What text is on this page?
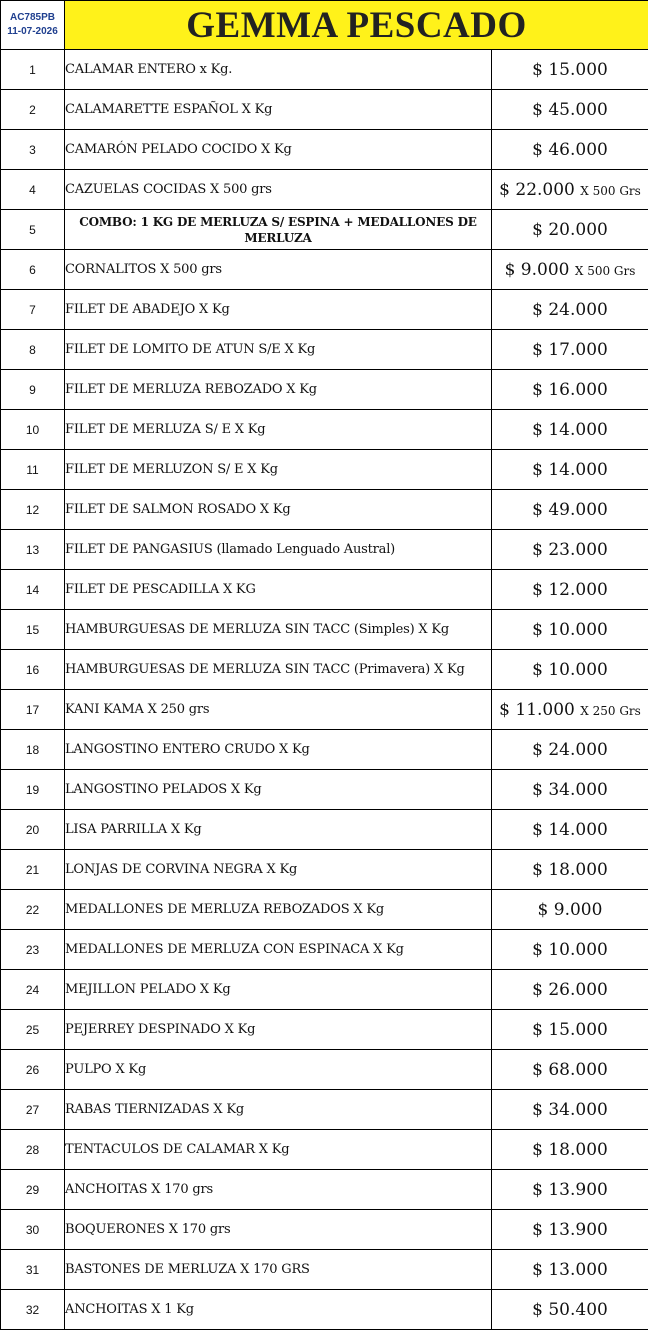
AC785PB
11-07-2026	GEMMA PESCADO	
1	CALAMAR ENTERO x Kg.	$ 15.000
2	CALAMARETTE ESPAÑOL X Kg	$ 45.000
3	CAMARÓN PELADO COCIDO X Kg	$ 46.000
4	CAZUELAS COCIDAS X 500 grs	$ 22.000 X 500 Grs
5	COMBO: 1 KG DE MERLUZA S/ ESPINA + MEDALLONES DE MERLUZA	$ 20.000
6	CORNALITOS X 500 grs	$ 9.000 X 500 Grs
7	FILET DE ABADEJO X Kg	$ 24.000
8	FILET DE LOMITO DE ATUN S/E X Kg	$ 17.000
9	FILET DE MERLUZA REBOZADO X Kg	$ 16.000
10	FILET DE MERLUZA S/ E X Kg	$ 14.000
11	FILET DE MERLUZON S/ E X Kg	$ 14.000
12	FILET DE SALMON ROSADO X Kg	$ 49.000
13	FILET DE PANGASIUS (llamado Lenguado Austral)	$ 23.000
14	FILET DE PESCADILLA X KG	$ 12.000
15	HAMBURGUESAS DE MERLUZA SIN TACC (Simples) X Kg	$ 10.000
16	HAMBURGUESAS DE MERLUZA SIN TACC (Primavera) X Kg	$ 10.000
17	KANI KAMA X 250 grs	$ 11.000 X 250 Grs
18	LANGOSTINO ENTERO CRUDO X Kg	$ 24.000
19	LANGOSTINO PELADOS X Kg	$ 34.000
20	LISA PARRILLA X Kg	$ 14.000
21	LONJAS DE CORVINA NEGRA X Kg	$ 18.000
22	MEDALLONES DE MERLUZA REBOZADOS X Kg	$ 9.000
23	MEDALLONES DE MERLUZA CON ESPINACA X Kg	$ 10.000
24	MEJILLON PELADO X Kg	$ 26.000
25	PEJERREY DESPINADO X Kg	$ 15.000
26	PULPO X Kg	$ 68.000
27	RABAS TIERNIZADAS X Kg	$ 34.000
28	TENTACULOS DE CALAMAR X Kg	$ 18.000
29	ANCHOITAS X 170 grs	$ 13.900
30	BOQUERONES X 170 grs	$ 13.900
31	BASTONES DE MERLUZA X 170 GRS	$ 13.000
32	ANCHOITAS X 1 Kg	$ 50.400
